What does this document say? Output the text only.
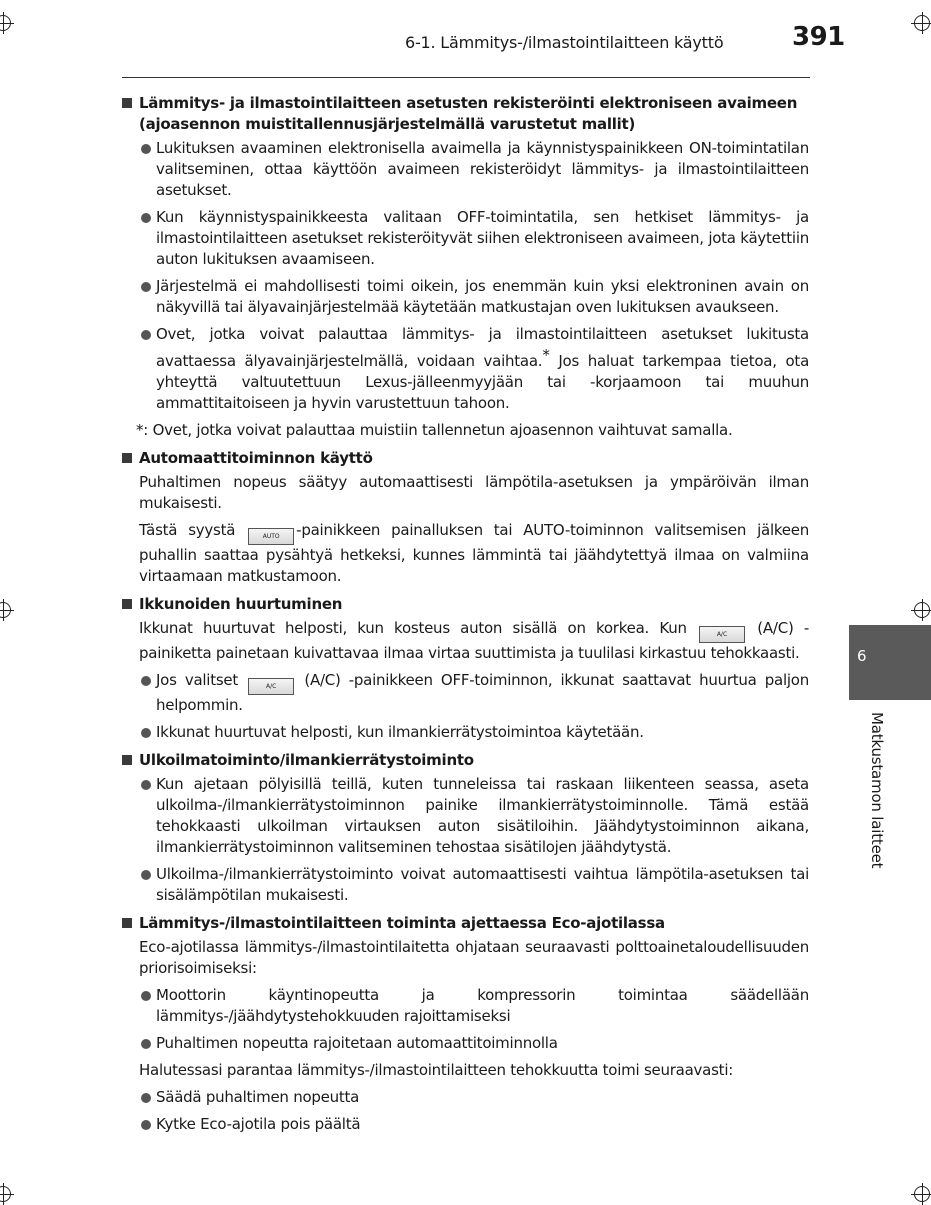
6-1. Lämmitys-/ilmastointilaitteen käyttö	391
6
Matkustamon laitteet
Lämmitys- ja ilmastointilaitteen asetusten rekisteröinti elektroniseen avaimeen (ajoasennon muistitallennusjärjestelmällä varustetut mallit)
Lukituksen avaaminen elektronisella avaimella ja käynnistyspainikkeen ON-toimintatilan valitseminen, ottaa käyttöön avaimeen rekisteröidyt lämmitys- ja ilmastointilaitteen asetukset.
Kun käynnistyspainikkeesta valitaan OFF-toimintatila, sen hetkiset lämmitys- ja ilmastointilaitteen asetukset rekisteröityvät siihen elektroniseen avaimeen, jota käytettiin auton lukituksen avaamiseen.
Järjestelmä ei mahdollisesti toimi oikein, jos enemmän kuin yksi elektroninen avain on näkyvillä tai älyavainjärjestelmää käytetään matkustajan oven lukituksen avaukseen.
Ovet, jotka voivat palauttaa lämmitys- ja ilmastointilaitteen asetukset lukitusta avattaessa älyavainjärjestelmällä, voidaan vaihtaa.* Jos haluat tarkempaa tietoa, ota yhteyttä valtuutettuun Lexus-jälleenmyyjään tai -korjaamoon tai muuhun ammattitaitoiseen ja hyvin varustettuun tahoon.
*: Ovet, jotka voivat palauttaa muistiin tallennetun ajoasennon vaihtuvat samalla.
Automaattitoiminnon käyttö
Puhaltimen nopeus säätyy automaattisesti lämpötila-asetuksen ja ympäröivän ilman mukaisesti.
Tästä syystä	AUTO -painikkeen painalluksen tai AUTO-toiminnon valitsemisen jälkeen puhallin saattaa pysähtyä hetkeksi, kunnes lämmintä tai jäähdytettyä ilmaa on valmiina virtaamaan matkustamoon.
Ikkunoiden huurtuminen
Ikkunat huurtuvat helposti, kun kosteus auton sisällä on korkea. Kun	A/C (A/C) -painiketta painetaan kuivattavaa ilmaa virtaa suuttimista ja tuulilasi kirkastuu tehokkaasti.
Jos valitset	A/C (A/C) -painikkeen OFF-toiminnon, ikkunat saattavat huurtua paljon helpommin.
Ikkunat huurtuvat helposti, kun ilmankierrätystoimintoa käytetään.
Ulkoilmatoiminto/ilmankierrätystoiminto
Kun ajetaan pölyisillä teillä, kuten tunneleissa tai raskaan liikenteen seassa, aseta ulkoilma-/ilmankierrätystoiminnon painike ilmankierrätystoiminnolle. Tämä estää tehokkaasti ulkoilman virtauksen auton sisätiloihin. Jäähdytystoiminnon aikana, ilmankierrätystoiminnon valitseminen tehostaa sisätilojen jäähdytystä.
Ulkoilma-/ilmankierrätystoiminto voivat automaattisesti vaihtua lämpötila-asetuksen tai sisälämpötilan mukaisesti.
Lämmitys-/ilmastointilaitteen toiminta ajettaessa Eco-ajotilassa
Eco-ajotilassa lämmitys-/ilmastointilaitetta ohjataan seuraavasti polttoainetaloudellisuuden priorisoimiseksi:
Moottorin käyntinopeutta ja kompressorin toimintaa säädellään lämmitys-/jäähdytystehokkuuden rajoittamiseksi
Puhaltimen nopeutta rajoitetaan automaattitoiminnolla
Halutessasi parantaa lämmitys-/ilmastointilaitteen tehokkuutta toimi seuraavasti:
Säädä puhaltimen nopeutta
Kytke Eco-ajotila pois päältä
